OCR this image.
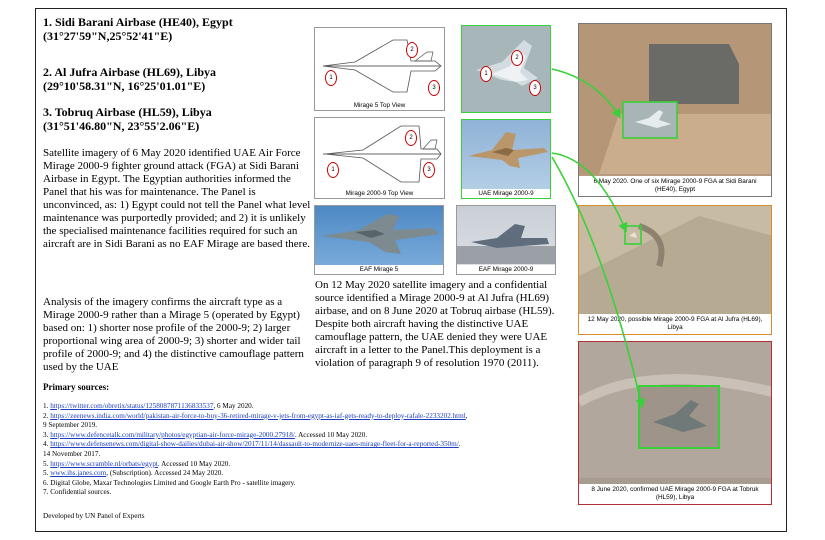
1. Sidi Barani Airbase (HE40), Egypt
(31°27'59"N,25°52'41"E)
2. Al Jufra Airbase (HL69), Libya
(29°10'58.31"N, 16°25'01.01"E)
3. Tobruq Airbase (HL59), Libya
(31°51'46.80"N, 23°55'2.06"E)
Satellite imagery of 6 May 2020 identified UAE Air Force Mirage 2000-9 fighter ground attack (FGA) at Sidi Barani Airbase in Egypt. The Egyptian authorities informed the Panel that his was for maintenance. The Panel is unconvinced, as: 1) Egypt could not tell the Panel what level maintenance was purportedly provided; and 2) it is unlikely the specialised maintenance facilities required for such an aircraft are in Sidi Barani as no EAF Mirage are based there.
Analysis of the imagery confirms the aircraft type as a Mirage 2000-9 rather than a Mirage 5 (operated by Egypt) based on: 1) shorter nose profile of the 2000-9; 2) larger proportional wing area of 2000-9; 3) shorter and wider tail profile of 2000-9; and 4) the distinctive camouflage pattern used by the UAE
On 12 May 2020 satellite imagery and a confidential source identified a Mirage 2000-9 at Al Jufra (HL69) airbase, and on 8 June 2020 at Tobruq airbase (HL59). Despite both aircraft having the distinctive UAE camouflage pattern, the UAE denied they were UAE aircraft in a letter to the Panel.This deployment is a violation of paragraph 9 of resolution 1970 (2011).
Primary sources:
1. https://twitter.com/obretix/status/1258087871136833537, 6 May 2020.
2. https://zeenews.india.com/world/pakistan-air-force-to-buy-36-retired-mirage-v-jets-from-egypt-as-iaf-gets-ready-to-deploy-rafale-2233202.html,
9 September 2019.
3. https://www.defencetalk.com/military/photos/egyptian-air-force-mirage-2000.27918/. Accessed 10 May 2020.
4. https://www.defensenews.com/digital-show-dailies/dubai-air-show/2017/11/14/dassault-to-modernize-uaes-mirage-fleet-for-a-reported-350m/.
14 November 2017.
5. https://www.scramble.nl/orbats/egypt. Accessed 10 May 2020.
5. www.ihs.janes.com, (Subscription). Accessed 24 May 2020.
6. Digital Globe, Maxar Technologies Limited and Google Earth Pro - satellite imagery.
7. Confidential sources.
Developed by UN Panel of Experts
1
2
3
Mirage 5 Top View
1
2
3
Mirage 2000-9 Top View
1
2
3
UAE Mirage 2000-9
EAF Mirage 5	EAF Mirage 2000-9
6 May 2020. One of six Mirage 2000-9 FGA at Sidi Barani (HE40), Egypt
12 May 2020, possible Mirage 2000-9 FGA at Al Jufra (HL69), Libya
8 June 2020, confirmed UAE Mirage 2000-9 FGA at Tobruk (HL59), Libya
